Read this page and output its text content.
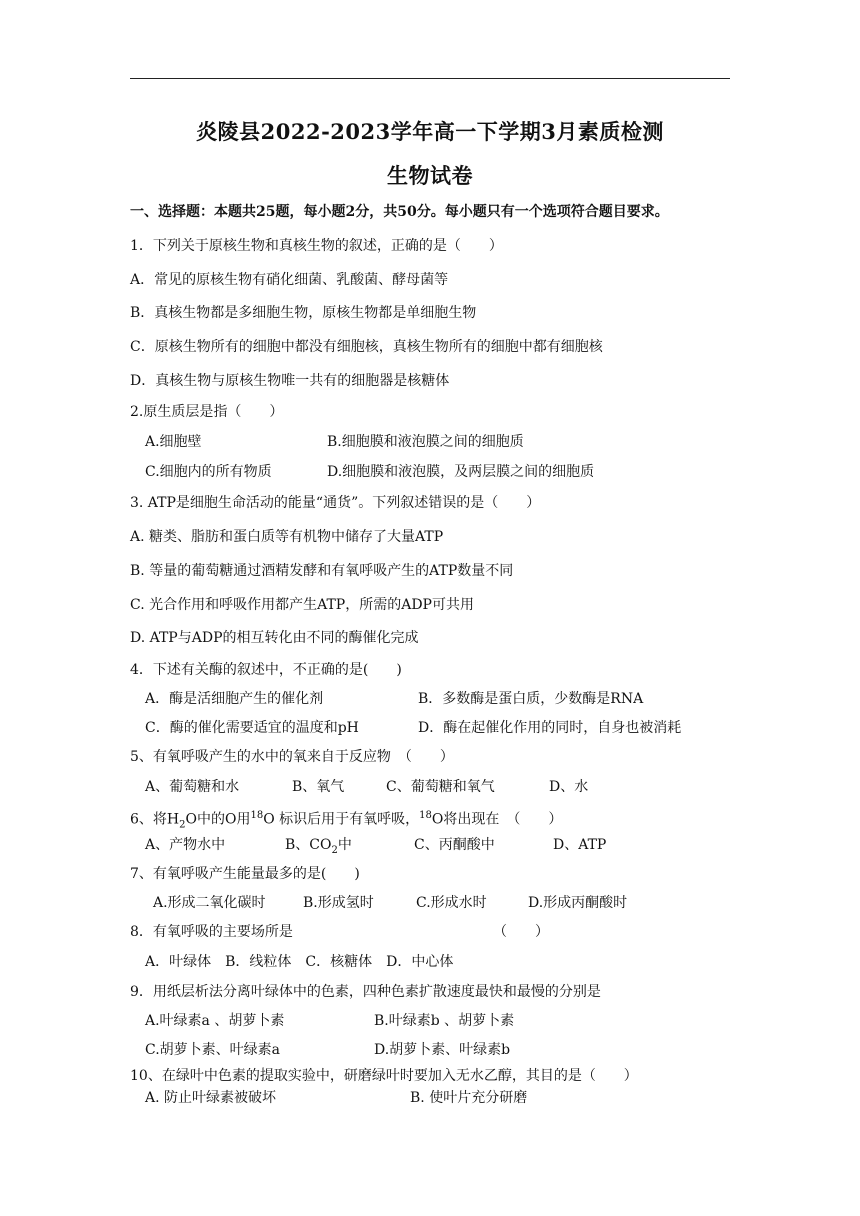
炎陵县2022-2023学年高一下学期3月素质检测
生物试卷
一、选择题：本题共25题，每小题2分，共50分。每小题只有一个选项符合题目要求。
1．下列关于原核生物和真核生物的叙述，正确的是（　　）
A．常见的原核生物有硝化细菌、乳酸菌、酵母菌等
B．真核生物都是多细胞生物，原核生物都是单细胞生物
C．原核生物所有的细胞中都没有细胞核，真核生物所有的细胞中都有细胞核
D．真核生物与原核生物唯一共有的细胞器是核糖体
2.原生质层是指（　　）
A.细胞壁	B.细胞膜和液泡膜之间的细胞质
C.细胞内的所有物质	D.细胞膜和液泡膜，及两层膜之间的细胞质
3. ATP是细胞生命活动的能量“通货”。下列叙述错误的是（　　）
A. 糖类、脂肪和蛋白质等有机物中储存了大量ATP
B. 等量的葡萄糖通过酒精发酵和有氧呼吸产生的ATP数量不同
C. 光合作用和呼吸作用都产生ATP，所需的ADP可共用
D. ATP与ADP的相互转化由不同的酶催化完成
4．下述有关酶的叙述中，不正确的是(　　)
A．酶是活细胞产生的催化剂	B．多数酶是蛋白质，少数酶是RNA
C．酶的催化需要适宜的温度和pH	D．酶在起催化作用的同时，自身也被消耗
5、有氧呼吸产生的水中的氧来自于反应物　（　　）
A、葡萄糖和水	B、氧气	C、葡萄糖和氧气	D、水
6、将$H_2O$中的O用$^{18}$O 标识后用于有氧呼吸，$^{18}$O将出现在　（　　）
A、产物水中	B、$CO_2$中	C、丙酮酸中	D、ATP
7、有氧呼吸产生能量最多的是(　　)
A.形成二氧化碳时	B.形成氢时	C.形成水时	D.形成丙酮酸时
8．有氧呼吸的主要场所是	（　　）
A．叶绿体　B．线粒体　C．核糖体　D．中心体
9．用纸层析法分离叶绿体中的色素，四种色素扩散速度最快和最慢的分别是
A.叶绿素a 、胡萝卜素	B.叶绿素b 、胡萝卜素
C.胡萝卜素、叶绿素a	D.胡萝卜素、叶绿素b
10、在绿叶中色素的提取实验中，研磨绿叶时要加入无水乙醇，其目的是（　　）
A. 防止叶绿素被破坏	B. 使叶片充分研磨
